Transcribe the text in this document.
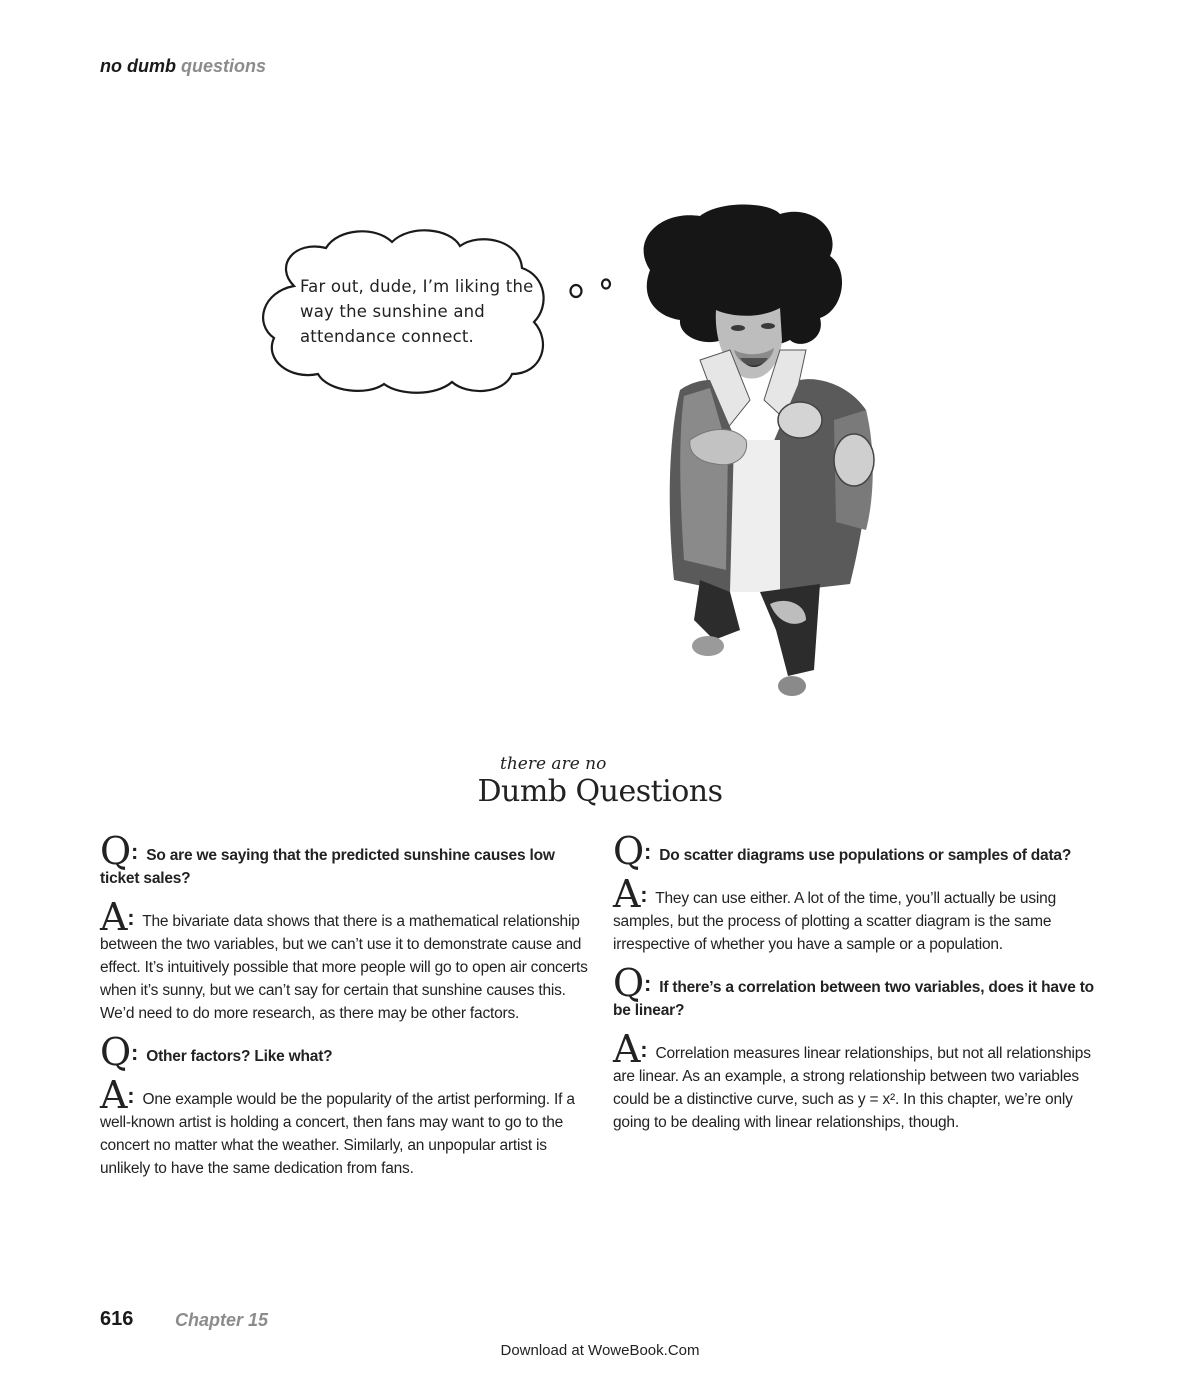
no dumb questions
Far out, dude, I’m liking the way the sunshine and attendance connect.
there are no
Dumb Questions

Q: So are we saying that the predicted sunshine causes low ticket sales?

A: The bivariate data shows that there is a mathematical relationship between the two variables, but we can’t use it to demonstrate cause and effect. It’s intuitively possible that more people will go to open air concerts when it’s sunny, but we can’t say for certain that sunshine causes this. We’d need to do more research, as there may be other factors.

Q: Other factors? Like what?

A: One example would be the popularity of the artist performing. If a well-known artist is holding a concert, then fans may want to go to the concert no matter what the weather. Similarly, an unpopular artist is unlikely to have the same dedication from fans.

Q: Do scatter diagrams use populations or samples of data?

A: They can use either. A lot of the time, you’ll actually be using samples, but the process of plotting a scatter diagram is the same irrespective of whether you have a sample or a population.

Q: If there’s a correlation between two variables, does it have to be linear?

A: Correlation measures linear relationships, but not all relationships are linear. As an example, a strong relationship between two variables could be a distinctive curve, such as y = x². In this chapter, we’re only going to be dealing with linear relationships, though.

616 Chapter 15
Download at WoweBook.Com
